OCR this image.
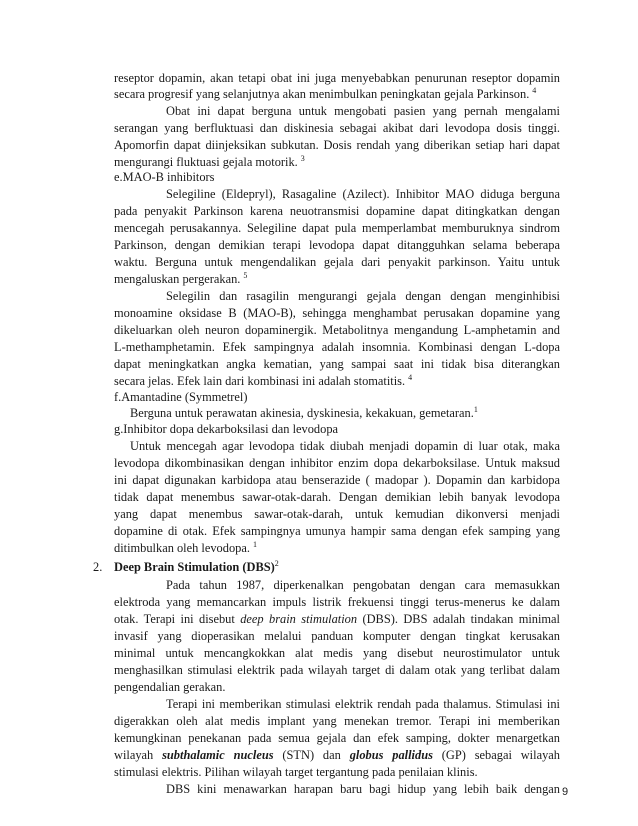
reseptor dopamin, akan tetapi obat ini juga menyebabkan penurunan reseptor dopamin
secara progresif yang selanjutnya akan menimbulkan peningkatan gejala Parkinson. $^4$
Obat ini dapat berguna untuk mengobati pasien yang pernah mengalami
serangan yang berfluktuasi dan diskinesia sebagai akibat dari levodopa dosis tinggi.
Apomorfin dapat diinjeksikan subkutan. Dosis rendah yang diberikan setiap hari dapat
mengurangi fluktuasi gejala motorik. $^3$
e.MAO-B inhibitors
Selegiline (Eldepryl), Rasagaline (Azilect). Inhibitor MAO diduga berguna
pada penyakit Parkinson karena neuotransmisi dopamine dapat ditingkatkan dengan
mencegah perusakannya. Selegiline dapat pula memperlambat memburuknya sindrom
Parkinson, dengan demikian terapi levodopa dapat ditangguhkan selama beberapa
waktu. Berguna untuk mengendalikan gejala dari penyakit parkinson. Yaitu untuk
mengaluskan pergerakan. $^5$
Selegilin dan rasagilin mengurangi gejala dengan dengan menginhibisi
monoamine oksidase B (MAO-B), sehingga menghambat perusakan dopamine yang
dikeluarkan oleh neuron dopaminergik. Metabolitnya mengandung L-amphetamin and
L-methamphetamin. Efek sampingnya adalah insomnia. Kombinasi dengan L-dopa
dapat meningkatkan angka kematian, yang sampai saat ini tidak bisa diterangkan
secara jelas. Efek lain dari kombinasi ini adalah stomatitis. $^4$
f.Amantadine (Symmetrel)
Berguna untuk perawatan akinesia, dyskinesia, kekakuan, gemetaran.$^1$
g.Inhibitor dopa dekarboksilasi dan levodopa
Untuk mencegah agar levodopa tidak diubah menjadi dopamin di luar otak, maka
levodopa dikombinasikan dengan inhibitor enzim dopa dekarboksilase. Untuk maksud
ini dapat digunakan karbidopa atau benserazide ( madopar ). Dopamin dan karbidopa
tidak dapat menembus sawar-otak-darah. Dengan demikian lebih banyak levodopa
yang dapat menembus sawar-otak-darah, untuk kemudian dikonversi menjadi
dopamine di otak. Efek sampingnya umunya hampir sama dengan efek samping yang
ditimbulkan oleh levodopa. $^1$
2. Deep Brain Stimulation (DBS)$^2$
Pada tahun 1987, diperkenalkan pengobatan dengan cara memasukkan
elektroda yang memancarkan impuls listrik frekuensi tinggi terus-menerus ke dalam
otak. Terapi ini disebut deep brain stimulation (DBS). DBS adalah tindakan minimal
invasif yang dioperasikan melalui panduan komputer dengan tingkat kerusakan
minimal untuk mencangkokkan alat medis yang disebut neurostimulator untuk
menghasilkan stimulasi elektrik pada wilayah target di dalam otak yang terlibat dalam
pengendalian gerakan.
Terapi ini memberikan stimulasi elektrik rendah pada thalamus. Stimulasi ini
digerakkan oleh alat medis implant yang menekan tremor. Terapi ini memberikan
kemungkinan penekanan pada semua gejala dan efek samping, dokter menargetkan
wilayah subthalamic nucleus (STN) dan globus pallidus (GP) sebagai wilayah
stimulasi elektris. Pilihan wilayah target tergantung pada penilaian klinis.
DBS kini menawarkan harapan baru bagi hidup yang lebih baik dengan 9
